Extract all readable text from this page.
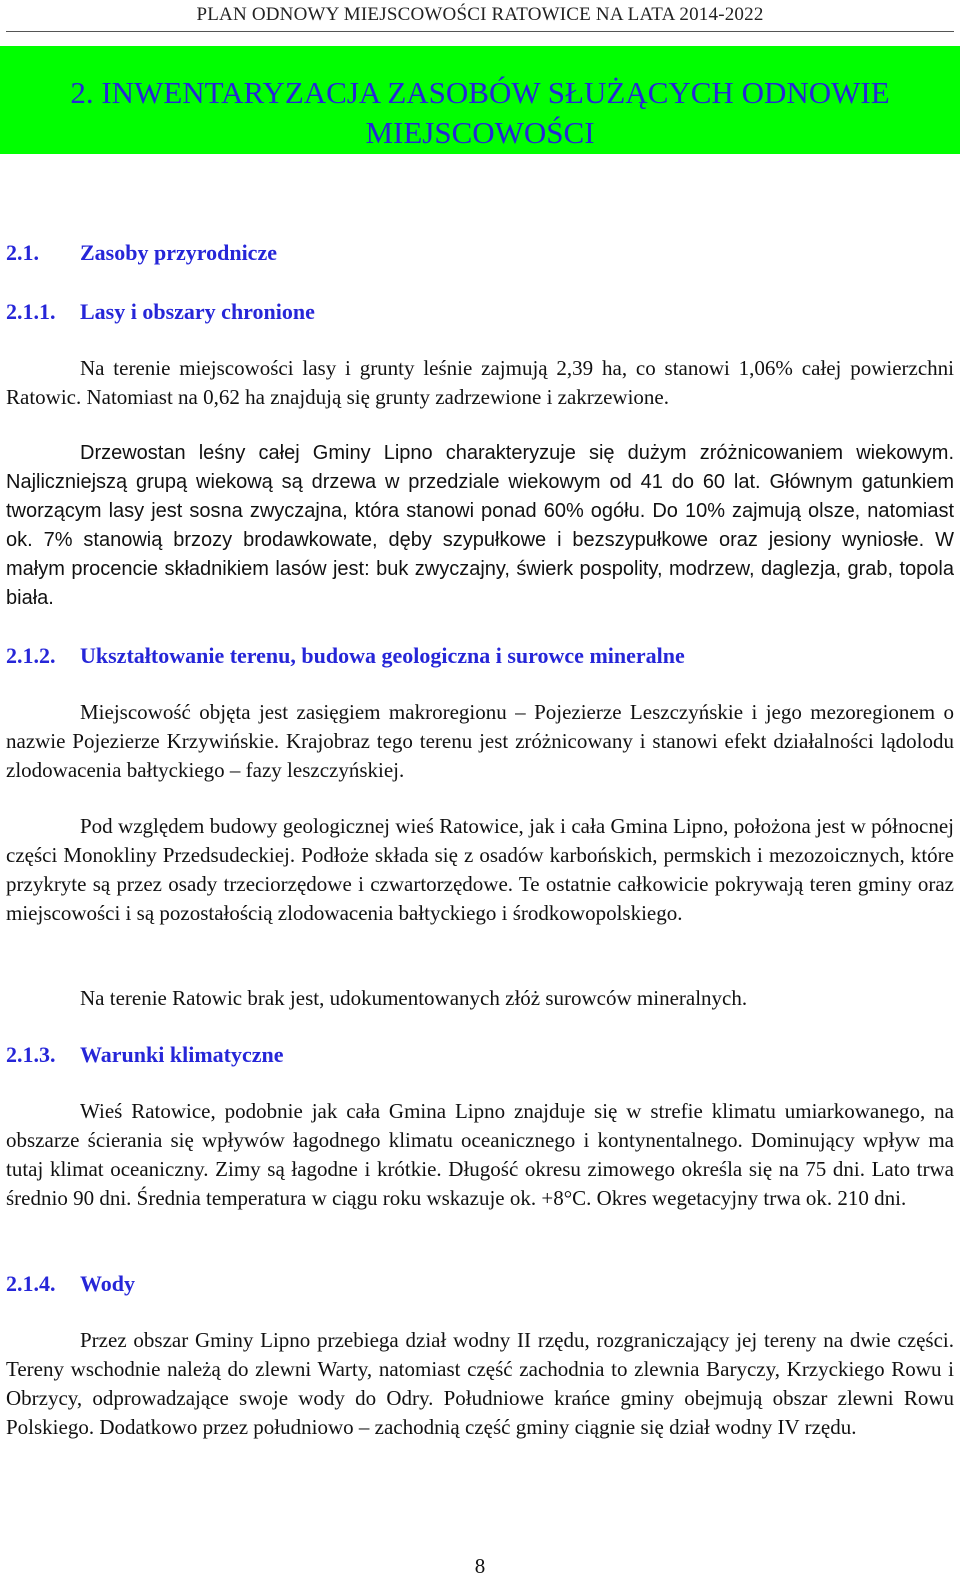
PLAN ODNOWY MIEJSCOWOŚCI RATOWICE NA LATA 2014-2022
2. INWENTARYZACJA ZASOBÓW SŁUŻĄCYCH ODNOWIE MIEJSCOWOŚCI
2.1. Zasoby przyrodnicze
2.1.1. Lasy i obszary chronione

Na terenie miejscowości lasy i grunty leśnie zajmują 2,39 ha, co stanowi 1,06% całej powierzchni Ratowic. Natomiast na 0,62 ha znajdują się grunty zadrzewione i zakrzewione.

Drzewostan leśny całej Gminy Lipno charakteryzuje się dużym zróżnicowaniem wiekowym. Najliczniejszą grupą wiekową są drzewa w przedziale wiekowym od 41 do 60 lat. Głównym gatunkiem tworzącym lasy jest sosna zwyczajna, która stanowi ponad 60% ogółu. Do 10% zajmują olsze, natomiast ok. 7% stanowią brzozy brodawkowate, dęby szypułkowe i bezszypułkowe oraz jesiony wyniosłe. W małym procencie składnikiem lasów jest: buk zwyczajny, świerk pospolity, modrzew, daglezja, grab, topola biała.

2.1.2. Ukształtowanie terenu, budowa geologiczna i surowce mineralne

Miejscowość objęta jest zasięgiem makroregionu – Pojezierze Leszczyńskie i jego mezoregionem o nazwie Pojezierze Krzywińskie. Krajobraz tego terenu jest zróżnicowany i stanowi efekt działalności lądolodu zlodowacenia bałtyckiego – fazy leszczyńskiej.

Pod względem budowy geologicznej wieś Ratowice, jak i cała Gmina Lipno, położona jest w północnej części Monokliny Przedsudeckiej. Podłoże składa się z osadów karbońskich, permskich i mezozoicznych, które przykryte są przez osady trzeciorzędowe i czwartorzędowe. Te ostatnie całkowicie pokrywają teren gminy oraz miejscowości i są pozostałością zlodowacenia bałtyckiego i środkowopolskiego.

Na terenie Ratowic brak jest, udokumentowanych złóż surowców mineralnych.

2.1.3. Warunki klimatyczne

Wieś Ratowice, podobnie jak cała Gmina Lipno znajduje się w strefie klimatu umiarkowanego, na obszarze ścierania się wpływów łagodnego klimatu oceanicznego i kontynentalnego. Dominujący wpływ ma tutaj klimat oceaniczny. Zimy są łagodne i krótkie. Długość okresu zimowego określa się na 75 dni. Lato trwa średnio 90 dni. Średnia temperatura w ciągu roku wskazuje ok. +8°C. Okres wegetacyjny trwa ok. 210 dni.

2.1.4. Wody

Przez obszar Gminy Lipno przebiega dział wodny II rzędu, rozgraniczający jej tereny na dwie części. Tereny wschodnie należą do zlewni Warty, natomiast część zachodnia to zlewnia Baryczy, Krzyckiego Rowu i Obrzycy, odprowadzające swoje wody do Odry. Południowe krańce gminy obejmują obszar zlewni Rowu Polskiego. Dodatkowo przez południowo – zachodnią część gminy ciągnie się dział wodny IV rzędu.

8
